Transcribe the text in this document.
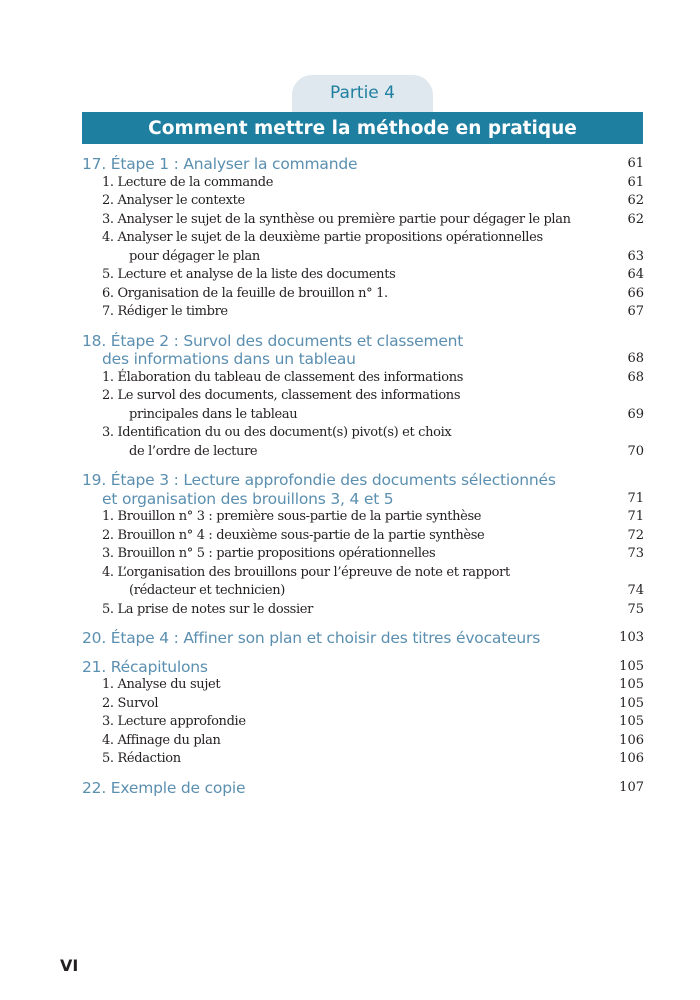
Partie 4
Comment mettre la méthode en pratique
17. Étape 1 : Analyser la commande	61
1. Lecture de la commande	61
2. Analyser le contexte	62
3. Analyser le sujet de la synthèse ou première partie pour dégager le plan	62
4. Analyser le sujet de la deuxième partie propositions opérationnelles
pour dégager le plan	63
5. Lecture et analyse de la liste des documents	64
6. Organisation de la feuille de brouillon n° 1.	66
7. Rédiger le timbre	67
18. Étape 2 : Survol des documents et classement
des informations dans un tableau	68
1. Élaboration du tableau de classement des informations	68
2. Le survol des documents, classement des informations
principales dans le tableau	69
3. Identification du ou des document(s) pivot(s) et choix
de l’ordre de lecture	70
19. Étape 3 : Lecture approfondie des documents sélectionnés
et organisation des brouillons 3, 4 et 5	71
1. Brouillon n° 3 : première sous-partie de la partie synthèse	71
2. Brouillon n° 4 : deuxième sous-partie de la partie synthèse	72
3. Brouillon n° 5 : partie propositions opérationnelles	73
4. L’organisation des brouillons pour l’épreuve de note et rapport
(rédacteur et technicien)	74
5. La prise de notes sur le dossier	75
20. Étape 4 : Affiner son plan et choisir des titres évocateurs	103
21. Récapitulons	105
1. Analyse du sujet	105
2. Survol	105
3. Lecture approfondie	105
4. Affinage du plan	106
5. Rédaction	106
22. Exemple de copie	107
VI
